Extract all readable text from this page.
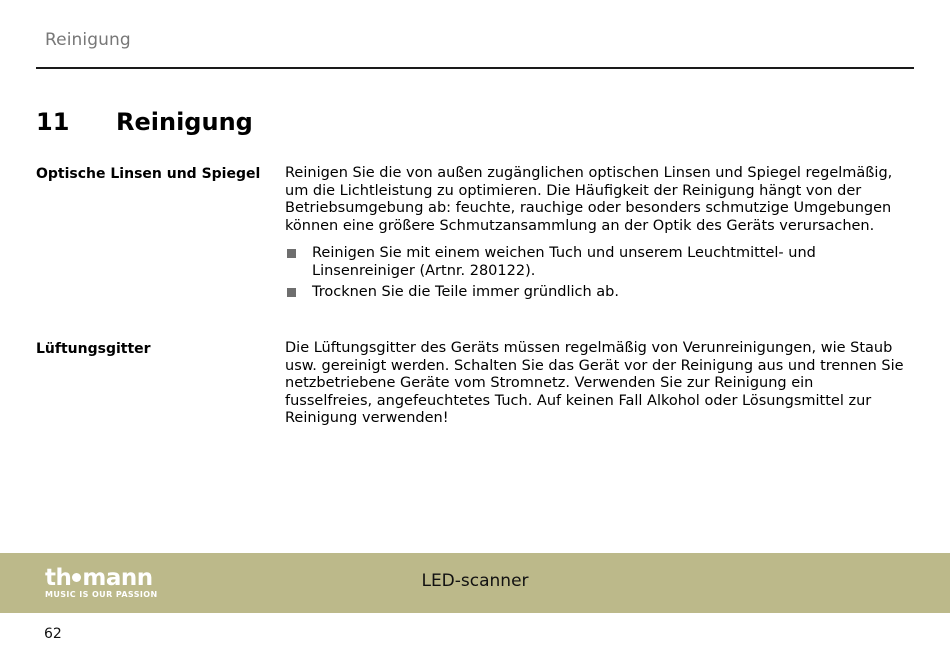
Reinigung
11 Reinigung
Optische Linsen und Spiegel	Reinigen Sie die von außen zugänglichen optischen Linsen und Spiegel regelmäßig, um die Lichtleistung zu optimieren. Die Häufigkeit der Reinigung hängt von der Betriebsumgebung ab: feuchte, rauchige oder besonders schmutzige Umgebungen können eine größere Schmutzansammlung an der Optik des Geräts verursachen.

Reinigen Sie mit einem weichen Tuch und unserem Leuchtmittel- und Linsenreiniger (Artnr. 280122).
Trocknen Sie die Teile immer gründlich ab.
Lüftungsgitter	Die Lüftungsgitter des Geräts müssen regelmäßig von Verunreinigungen, wie Staub usw. gereinigt werden. Schalten Sie das Gerät vor der Reinigung aus und trennen Sie netzbetriebene Geräte vom Stromnetz. Verwenden Sie zur Reinigung ein fusselfreies, angefeuchtetes Tuch. Auf keinen Fall Alkohol oder Lösungsmittel zur Reinigung verwenden!

th mann
MUSIC IS OUR PASSION
LED-scanner
62
